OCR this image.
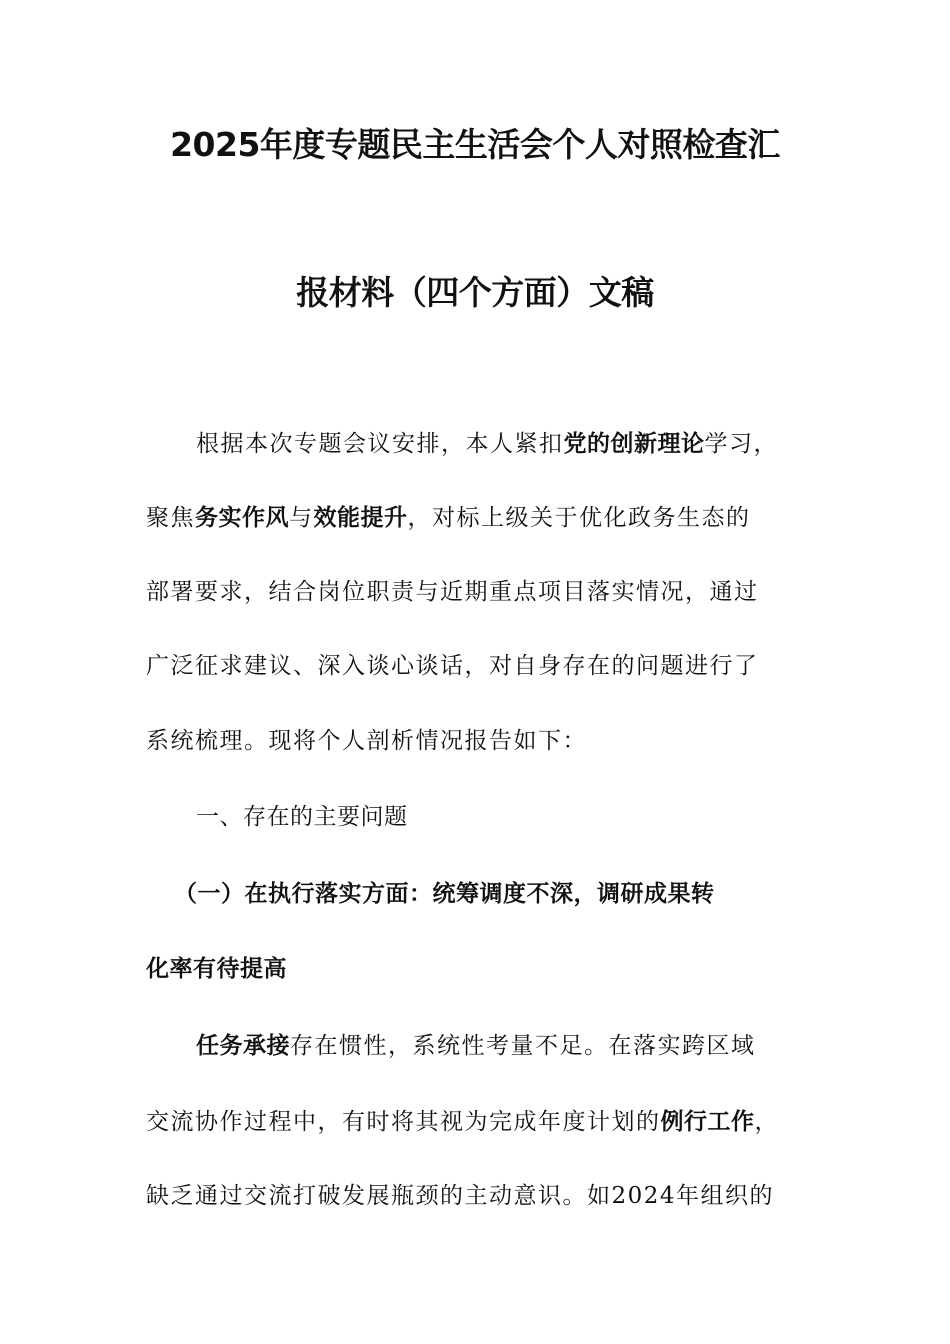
2025年度专题民主生活会个人对照检查汇
报材料（四个方面）文稿
根据本次专题会议安排，本人紧扣党的创新理论学习，
聚焦务实作风与效能提升，对标上级关于优化政务生态的
部署要求，结合岗位职责与近期重点项目落实情况，通过
广泛征求建议、深入谈心谈话，对自身存在的问题进行了
系统梳理。现将个人剖析情况报告如下：
一、存在的主要问题
（一）在执行落实方面：统筹调度不深，调研成果转
化率有待提高
任务承接存在惯性，系统性考量不足。在落实跨区域
交流协作过程中，有时将其视为完成年度计划的例行工作，
缺乏通过交流打破发展瓶颈的主动意识。如2024年组织的
